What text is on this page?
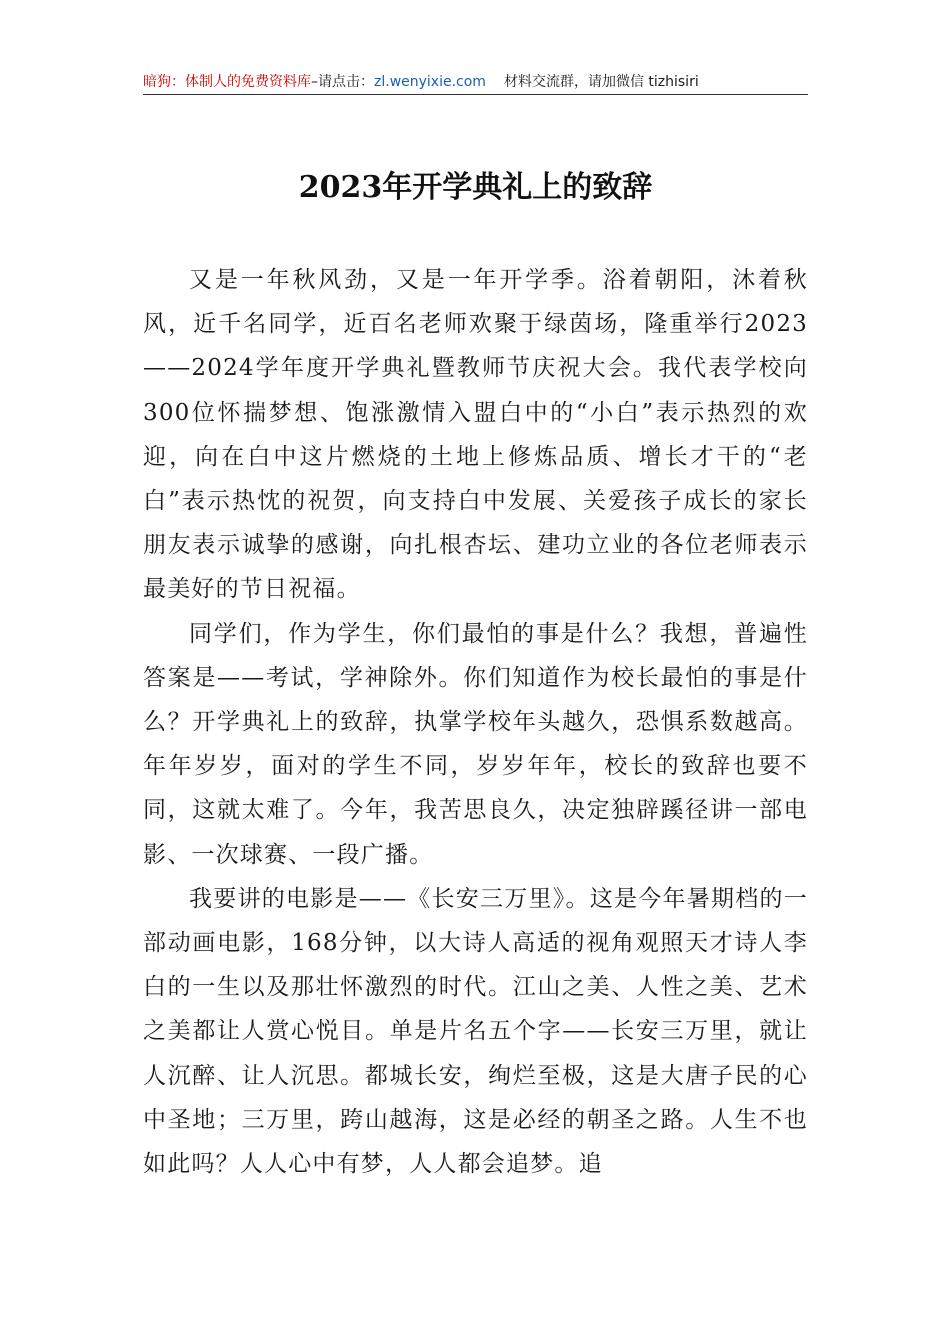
暗狗：体制人的免费资料库 –请点击： zl.wenyixie.com 材料交流群，请加微信 tizhisiri
2023年开学典礼上的致辞

又是一年秋风劲，又是一年开学季。浴着朝阳，沐着秋风，近千名同学，近百名老师欢聚于绿茵场，隆重举行2023——2024学年度开学典礼暨教师节庆祝大会。我代表学校向300位怀揣梦想、饱涨激情入盟白中的“小白”表示热烈的欢迎，向在白中这片燃烧的土地上修炼品质、增长才干的“老白”表示热忱的祝贺，向支持白中发展、关爱孩子成长的家长朋友表示诚挚的感谢，向扎根杏坛、建功立业的各位老师表示最美好的节日祝福。

同学们，作为学生，你们最怕的事是什么？我想，普遍性答案是——考试，学神除外。你们知道作为校长最怕的事是什么？开学典礼上的致辞，执掌学校年头越久，恐惧系数越高。年年岁岁，面对的学生不同，岁岁年年，校长的致辞也要不同，这就太难了。今年，我苦思良久，决定独辟蹊径讲一部电影、一次球赛、一段广播。

我要讲的电影是——《长安三万里》。这是今年暑期档的一部动画电影，168分钟，以大诗人高适的视角观照天才诗人李白的一生以及那壮怀激烈的时代。江山之美、人性之美、艺术之美都让人赏心悦目。单是片名五个字——长安三万里，就让人沉醉、让人沉思。都城长安，绚烂至极，这是大唐子民的心中圣地；三万里，跨山越海，这是必经的朝圣之路。人生不也如此吗？人人心中有梦，人人都会追梦。追
